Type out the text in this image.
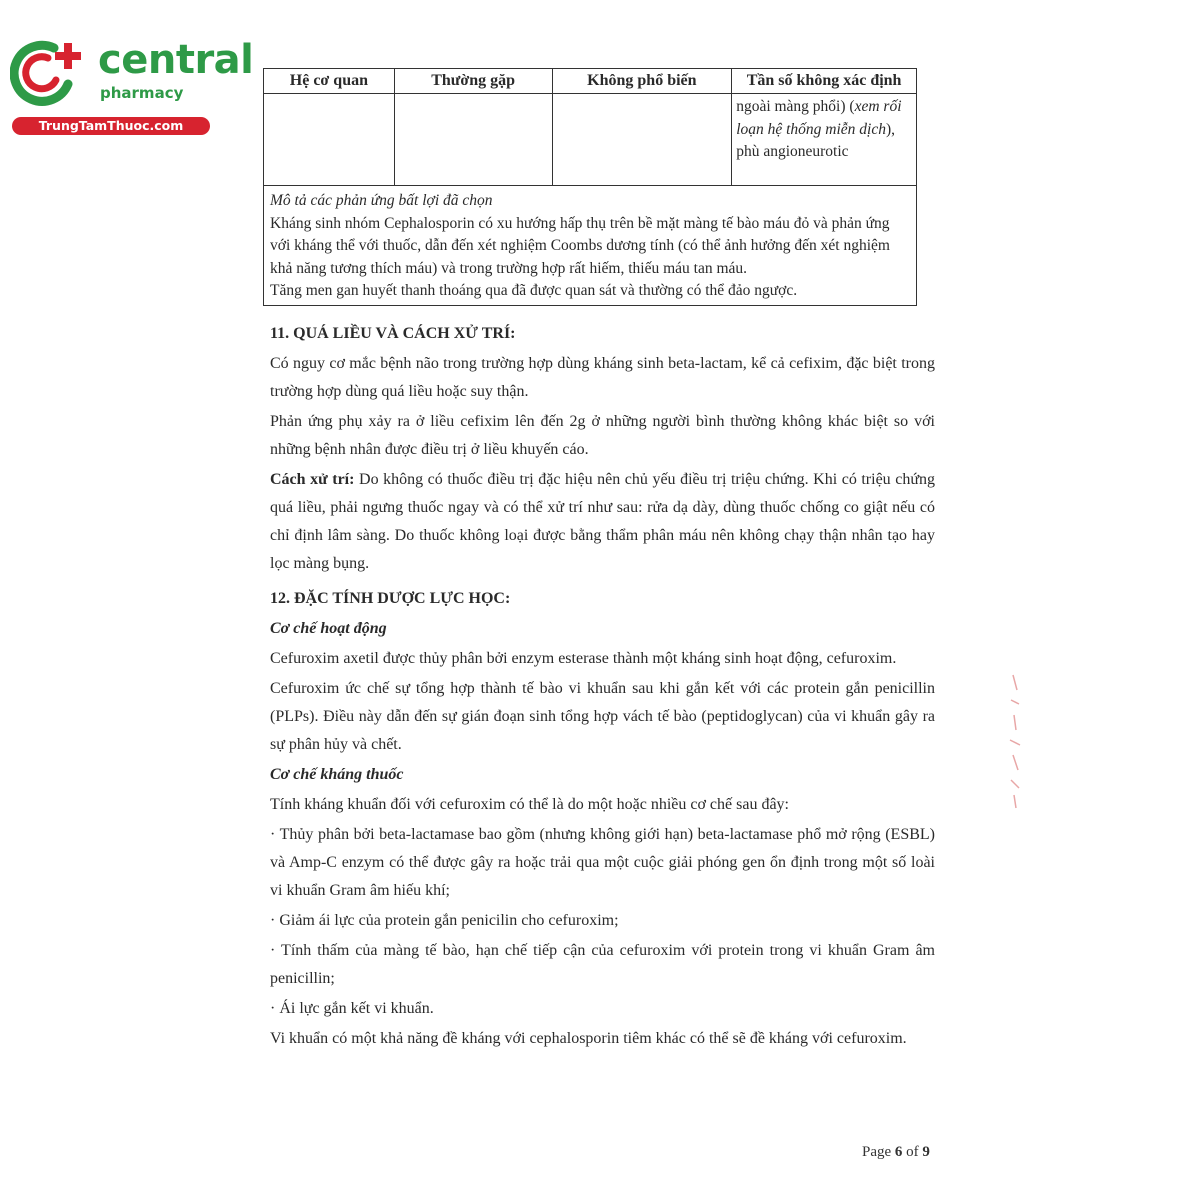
central
pharmacy
TrungTamThuoc.com
Hệ cơ quan	Thường gặp	Không phổ biến	Tần số không xác định
			ngoài màng phổi) (xem rối loạn hệ thống miễn dịch),
phù angioneurotic

Mô tả các phản ứng bất lợi đã chọn

Kháng sinh nhóm Cephalosporin có xu hướng hấp thụ trên bề mặt màng tế bào máu đỏ và phản ứng với kháng thể với thuốc, dẫn đến xét nghiệm Coombs dương tính (có thể ảnh hưởng đến xét nghiệm khả năng tương thích máu) và trong trường hợp rất hiếm, thiếu máu tan máu.

Tăng men gan huyết thanh thoáng qua đã được quan sát và thường có thể đảo ngược.			

11. QUÁ LIỀU VÀ CÁCH XỬ TRÍ:

Có nguy cơ mắc bệnh não trong trường hợp dùng kháng sinh beta-lactam, kể cả cefixim, đặc biệt trong trường hợp dùng quá liều hoặc suy thận.

Phản ứng phụ xảy ra ở liều cefixim lên đến 2g ở những người bình thường không khác biệt so với những bệnh nhân được điều trị ở liều khuyến cáo.

Cách xử trí: Do không có thuốc điều trị đặc hiệu nên chủ yếu điều trị triệu chứng. Khi có triệu chứng quá liều, phải ngưng thuốc ngay và có thể xử trí như sau: rửa dạ dày, dùng thuốc chống co giật nếu có chỉ định lâm sàng. Do thuốc không loại được bằng thẩm phân máu nên không chạy thận nhân tạo hay lọc màng bụng.

12. ĐẶC TÍNH DƯỢC LỰC HỌC:

Cơ chế hoạt động

Cefuroxim axetil được thủy phân bởi enzym esterase thành một kháng sinh hoạt động, cefuroxim.

Cefuroxim ức chế sự tổng hợp thành tế bào vi khuẩn sau khi gắn kết với các protein gắn penicillin (PLPs). Điều này dẫn đến sự gián đoạn sinh tổng hợp vách tế bào (peptidoglycan) của vi khuẩn gây ra sự phân hủy và chết.

Cơ chế kháng thuốc

Tính kháng khuẩn đối với cefuroxim có thể là do một hoặc nhiều cơ chế sau đây:

· Thủy phân bởi beta-lactamase bao gồm (nhưng không giới hạn) beta-lactamase phổ mở rộng (ESBL) và Amp-C enzym có thể được gây ra hoặc trải qua một cuộc giải phóng gen ổn định trong một số loài vi khuẩn Gram âm hiếu khí;

· Giảm ái lực của protein gắn penicilin cho cefuroxim;

· Tính thấm của màng tế bào, hạn chế tiếp cận của cefuroxim với protein trong vi khuẩn Gram âm penicillin;

· Ái lực gắn kết vi khuẩn.

Vi khuẩn có một khả năng đề kháng với cephalosporin tiêm khác có thể sẽ đề kháng với cefuroxim.

Page 6 of 9
